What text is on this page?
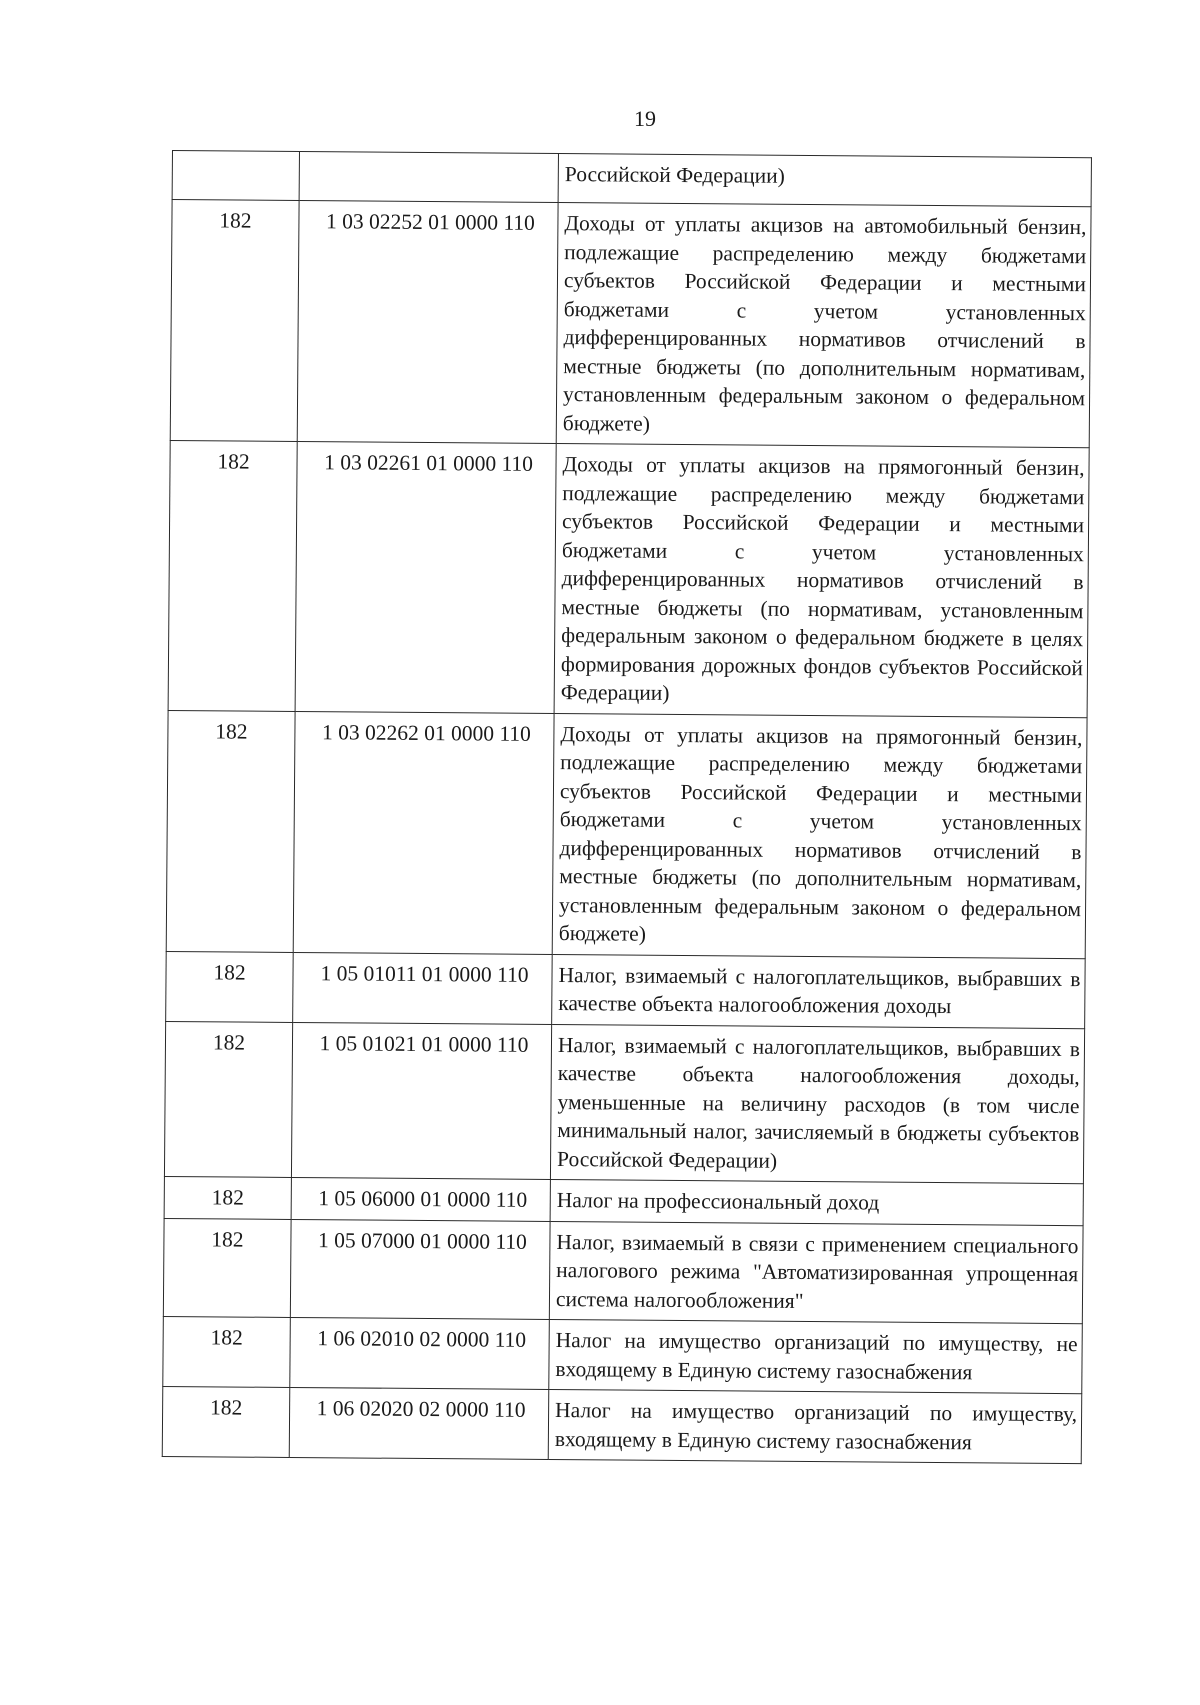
19
		Российской Федерации)
182	1 03 02252 01 0000 110	Доходы от уплаты акцизов на автомобильный бензин, подлежащие распределению между бюджетами субъектов Российской Федерации и местными бюджетами с учетом установленных дифференцированных нормативов отчислений в местные бюджеты (по дополнительным нормативам, установленным федеральным законом о федеральном бюджете)
182	1 03 02261 01 0000 110	Доходы от уплаты акцизов на прямогонный бензин, подлежащие распределению между бюджетами субъектов Российской Федерации и местными бюджетами с учетом установленных дифференцированных нормативов отчислений в местные бюджеты (по нормативам, установленным федеральным законом о федеральном бюджете в целях формирования дорожных фондов субъектов Российской Федерации)
182	1 03 02262 01 0000 110	Доходы от уплаты акцизов на прямогонный бензин, подлежащие распределению между бюджетами субъектов Российской Федерации и местными бюджетами с учетом установленных дифференцированных нормативов отчислений в местные бюджеты (по дополнительным нормативам, установленным федеральным законом о федеральном бюджете)
182	1 05 01011 01 0000 110	Налог, взимаемый с налогоплательщиков, выбравших в качестве объекта налогообложения доходы
182	1 05 01021 01 0000 110	Налог, взимаемый с налогоплательщиков, выбравших в качестве объекта налогообложения доходы, уменьшенные на величину расходов (в том числе минимальный налог, зачисляемый в бюджеты субъектов Российской Федерации)
182	1 05 06000 01 0000 110	Налог на профессиональный доход
182	1 05 07000 01 0000 110	Налог, взимаемый в связи с применением специального налогового режима "Автоматизированная упрощенная система налогообложения"
182	1 06 02010 02 0000 110	Налог на имущество организаций по имуществу, не входящему в Единую систему газоснабжения
182	1 06 02020 02 0000 110	Налог на имущество организаций по имуществу, входящему в Единую систему газоснабжения
